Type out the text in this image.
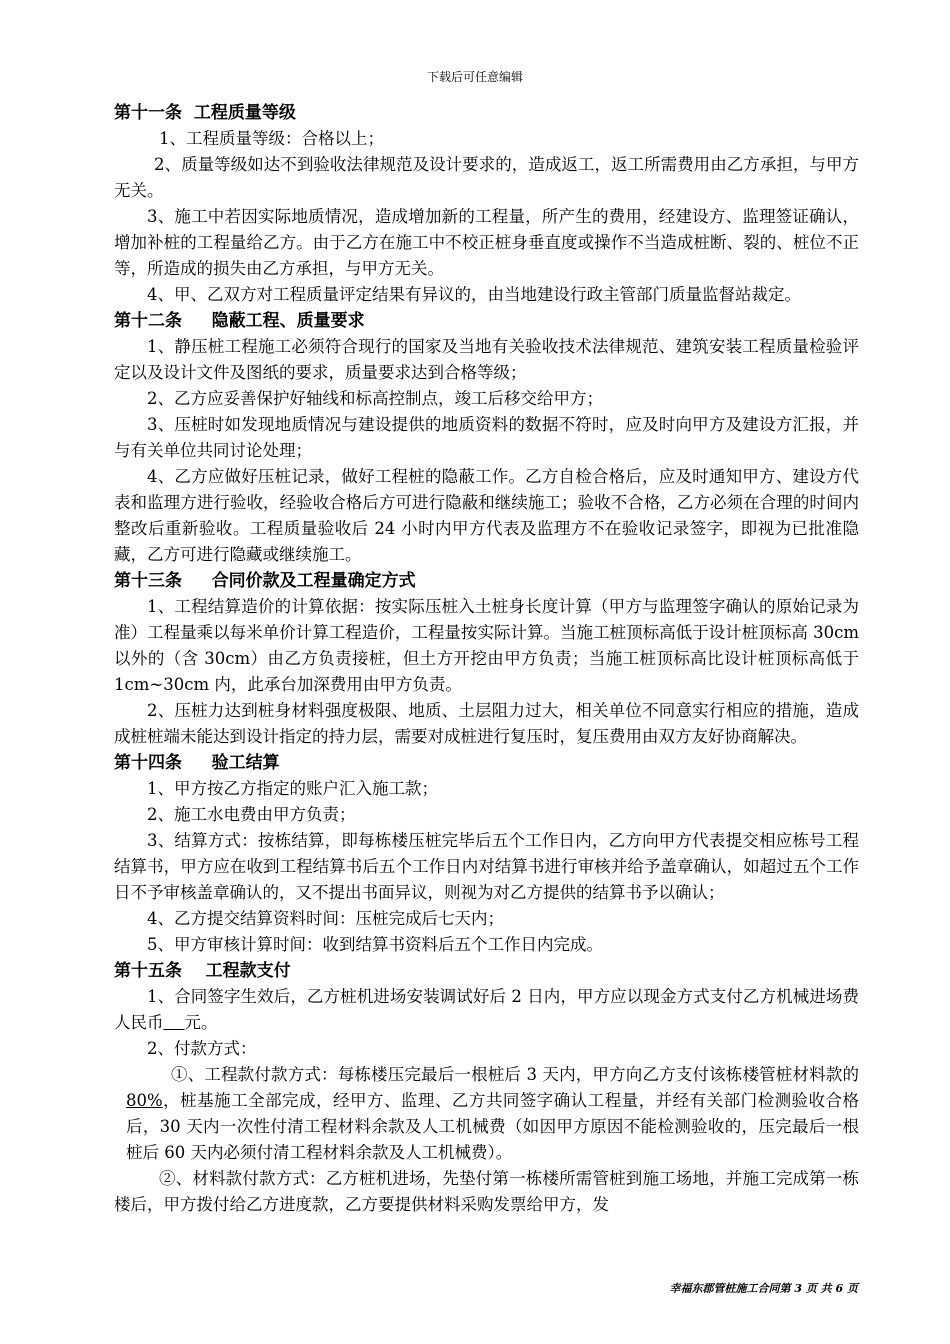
下载后可任意编辑

第十一条  工程质量等级

1、工程质量等级：合格以上；

2、质量等级如达不到验收法律规范及设计要求的，造成返工，返工所需费用由乙方承担，与甲方无关。

3、施工中若因实际地质情况，造成增加新的工程量，所产生的费用，经建设方、监理签证确认，增加补桩的工程量给乙方。由于乙方在施工中不校正桩身垂直度或操作不当造成桩断、裂的、桩位不正等，所造成的损失由乙方承担，与甲方无关。

4、甲、乙双方对工程质量评定结果有异议的，由当地建设行政主管部门质量监督站裁定。

第十二条     隐蔽工程、质量要求

1、静压桩工程施工必须符合现行的国家及当地有关验收技术法律规范、建筑安装工程质量检验评定以及设计文件及图纸的要求，质量要求达到合格等级；

2、乙方应妥善保护好轴线和标高控制点，竣工后移交给甲方；

3、压桩时如发现地质情况与建设提供的地质资料的数据不符时，应及时向甲方及建设方汇报，并与有关单位共同讨论处理；

4、乙方应做好压桩记录，做好工程桩的隐蔽工作。乙方自检合格后，应及时通知甲方、建设方代表和监理方进行验收，经验收合格后方可进行隐蔽和继续施工；验收不合格，乙方必须在合理的时间内整改后重新验收。工程质量验收后 24 小时内甲方代表及监理方不在验收记录签字，即视为已批准隐藏，乙方可进行隐藏或继续施工。

第十三条     合同价款及工程量确定方式

1、工程结算造价的计算依据：按实际压桩入土桩身长度计算（甲方与监理签字确认的原始记录为准）工程量乘以每米单价计算工程造价，工程量按实际计算。当施工桩顶标高低于设计桩顶标高 30cm 以外的（含 30cm）由乙方负责接桩，但土方开挖由甲方负责；当施工桩顶标高比设计桩顶标高低于 1cm~30cm 内，此承台加深费用由甲方负责。

2、压桩力达到桩身材料强度极限、地质、土层阻力过大，相关单位不同意实行相应的措施，造成成桩桩端未能达到设计指定的持力层，需要对成桩进行复压时，复压费用由双方友好协商解决。

第十四条     验工结算

1、甲方按乙方指定的账户汇入施工款；

2、施工水电费由甲方负责；

3、结算方式：按栋结算，即每栋楼压桩完毕后五个工作日内，乙方向甲方代表提交相应栋号工程结算书，甲方应在收到工程结算书后五个工作日内对结算书进行审核并给予盖章确认，如超过五个工作日不予审核盖章确认的，又不提出书面异议，则视为对乙方提供的结算书予以确认；

4、乙方提交结算资料时间：压桩完成后七天内；

5、甲方审核计算时间：收到结算书资料后五个工作日内完成。

第十五条    工程款支付

1、合同签字生效后，乙方桩机进场安装调试好后 2 日内，甲方应以现金方式支付乙方机械进场费人民币 元。

2、付款方式：

①、工程款付款方式：每栋楼压完最后一根桩后 3 天内，甲方向乙方支付该栋楼管桩材料款的 80%，桩基施工全部完成，经甲方、监理、乙方共同签字确认工程量，并经有关部门检测验收合格后，30 天内一次性付清工程材料余款及人工机械费（如因甲方原因不能检测验收的，压完最后一根桩后 60 天内必须付清工程材料余款及人工机械费）。

②、材料款付款方式：乙方桩机进场，先垫付第一栋楼所需管桩到施工场地，并施工完成第一栋楼后，甲方拨付给乙方进度款，乙方要提供材料采购发票给甲方，发

幸福东郡管桩施工合同第 3 页 共 6 页
